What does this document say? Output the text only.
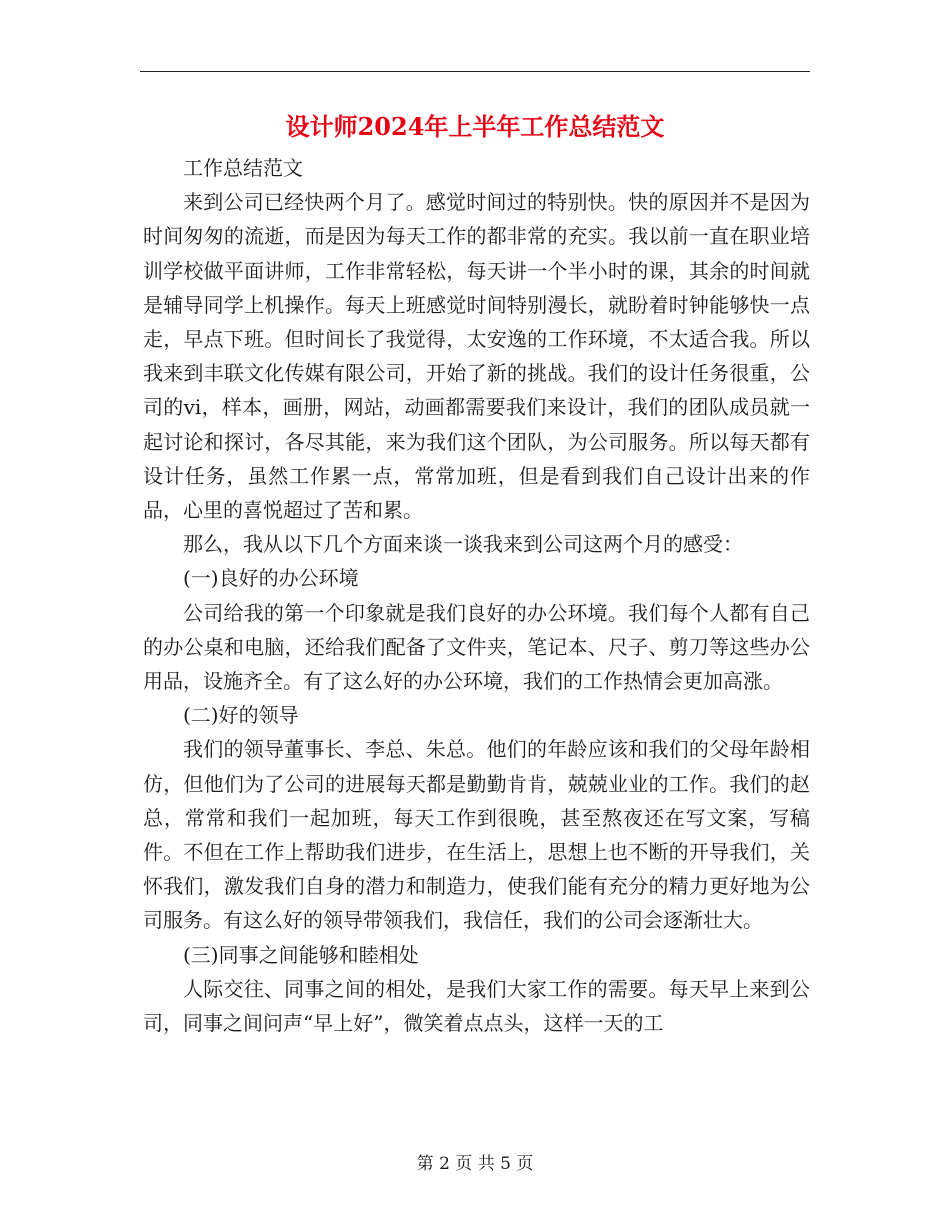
设计师2024年上半年工作总结范文

工作总结范文

来到公司已经快两个月了。感觉时间过的特别快。快的原因并不是因为时间匆匆的流逝，而是因为每天工作的都非常的充实。我以前一直在职业培训学校做平面讲师，工作非常轻松，每天讲一个半小时的课，其余的时间就是辅导同学上机操作。每天上班感觉时间特别漫长，就盼着时钟能够快一点走，早点下班。但时间长了我觉得，太安逸的工作环境，不太适合我。所以我来到丰联文化传媒有限公司，开始了新的挑战。我们的设计任务很重，公司的vi，样本，画册，网站，动画都需要我们来设计，我们的团队成员就一起讨论和探讨，各尽其能，来为我们这个团队，为公司服务。所以每天都有设计任务，虽然工作累一点，常常加班，但是看到我们自己设计出来的作品，心里的喜悦超过了苦和累。

那么，我从以下几个方面来谈一谈我来到公司这两个月的感受：

(一)良好的办公环境

公司给我的第一个印象就是我们良好的办公环境。我们每个人都有自己的办公桌和电脑，还给我们配备了文件夹，笔记本、尺子、剪刀等这些办公用品，设施齐全。有了这么好的办公环境，我们的工作热情会更加高涨。

(二)好的领导

我们的领导董事长、李总、朱总。他们的年龄应该和我们的父母年龄相仿，但他们为了公司的进展每天都是勤勤肯肯，兢兢业业的工作。我们的赵总，常常和我们一起加班，每天工作到很晚，甚至熬夜还在写文案，写稿件。不但在工作上帮助我们进步，在生活上，思想上也不断的开导我们，关怀我们，激发我们自身的潜力和制造力，使我们能有充分的精力更好地为公司服务。有这么好的领导带领我们，我信任，我们的公司会逐渐壮大。

(三)同事之间能够和睦相处

人际交往、同事之间的相处，是我们大家工作的需要。每天早上来到公司，同事之间问声“早上好”，微笑着点点头，这样一天的工

第 2 页 共 5 页
